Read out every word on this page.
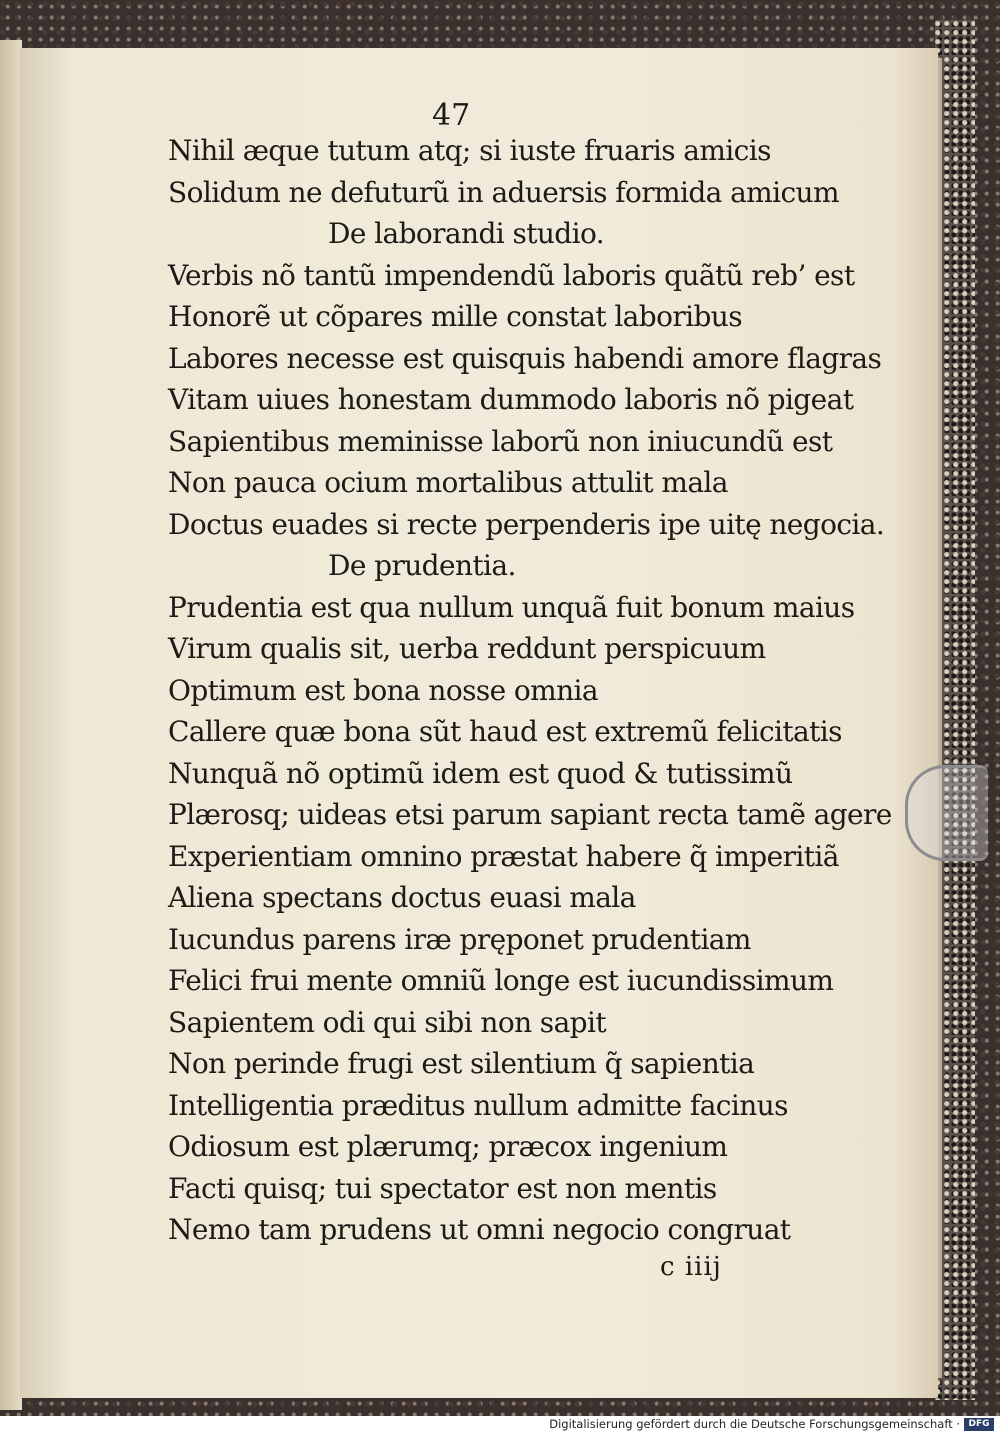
47
Nihil æque tutum atq; si iuste fruaris amicis
Solidum ne defuturũ in aduersis formida amicum
De laborandi studio.
Verbis nõ tantũ impendendũ laboris quãtũ reb’ est
Honorẽ ut cõpares mille constat laboribus
Labores necesse est quisquis habendi amore flagras
Vitam uiues honestam dummodo laboris nõ pigeat
Sapientibus meminisse laborũ non iniucundũ est
Non pauca ocium mortalibus attulit mala
Doctus euades si recte perpenderis ipe uitę negocia.
De prudentia.
Prudentia est qua nullum unquã fuit bonum maius
Virum qualis sit, uerba reddunt perspicuum
Optimum est bona nosse omnia
Callere quæ bona sũt haud est extremũ felicitatis
Nunquã nõ optimũ idem est quod & tutissimũ
Plærosq; uideas etsi parum sapiant recta tamẽ agere
Experientiam omnino præstat habere q̃ imperitiã
Aliena spectans doctus euasi mala
Iucundus parens iræ pręponet prudentiam
Felici frui mente omniũ longe est iucundissimum
Sapientem odi qui sibi non sapit
Non perinde frugi est silentium q̃ sapientia
Intelligentia præditus nullum admitte facinus
Odiosum est plærumq; præcox ingenium
Facti quisq; tui spectator est non mentis
Nemo tam prudens ut omni negocio congruat
c iiij
Digitalisierung gefördert durch die Deutsche Forschungsgemeinschaft · DFG
